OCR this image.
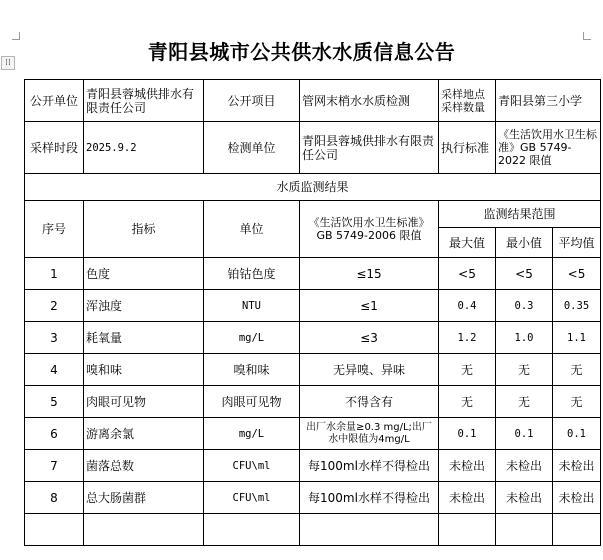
⁞⁞	青阳县城市公共供水水质信息公告
公开单位	青阳县蓉城供排水有限责任公司	公开项目	管网末梢水水质检测	采样地点采样数量	青阳县第三小学	
采样时段	2025.9.2	检测单位	青阳县蓉城供排水有限责任公司	执行标准	《生活饮用水卫生标准》GB 5749-2022 限值	
水质监测结果						
序号	指标	单位	《生活饮用水卫生标准》GB 5749-2006 限值	监测结果范围		
				最大值	最小值	平均值
1	色度	铂钴色度	≤15	<5	<5	<5
2	浑浊度	NTU	≤1	0.4	0.3	0.35
3	耗氧量	mg/L	≤3	1.2	1.0	1.1
4	嗅和味	嗅和味	无异嗅、异味	无	无	无
5	肉眼可见物	肉眼可见物	不得含有	无	无	无
6	游离余氯	mg/L	出厂水余量≥0.3 mg/L;出厂水中限值为4mg/L	0.1	0.1	0.1
7	菌落总数	CFU\ml	每100ml水样不得检出	未检出	未检出	未检出
8	总大肠菌群	CFU\ml	每100ml水样不得检出	未检出	未检出	未检出
